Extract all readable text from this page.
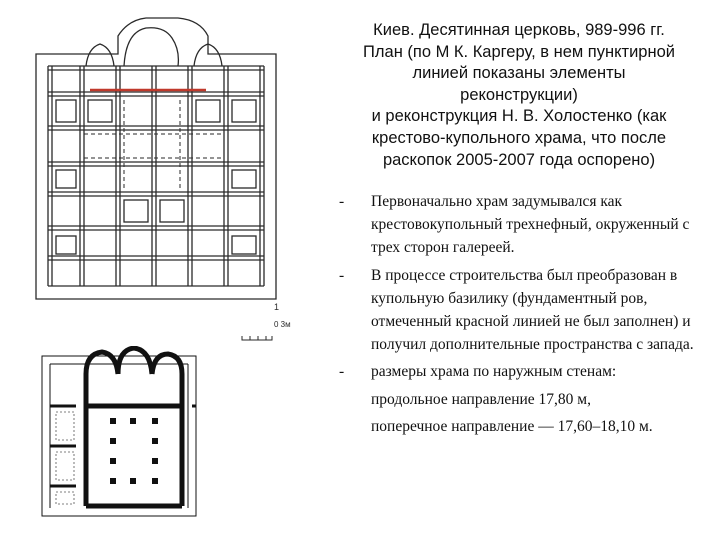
1
0 3м
Киев. Десятинная церковь, 989-996 гг.
План (по М К. Каргеру, в нем пунктирной
линией показаны элементы
реконструкции)
и реконструкция Н. В. Холостенко (как
крестово-купольного храма, что после
раскопок 2005-2007 года оспорено)
- Первоначально храм задумывался как крестовокупольный трехнефный, окруженный с трех сторон галереей.
- В процессе строительства был преобразован в купольную базилику (фундаментный ров, отмеченный красной линией не был заполнен) и получил дополнительные пространства с запада.
- размеры храма по наружным стенам:
продольное направление 17,80 м,
поперечное направление — 17,60–18,10 м.
